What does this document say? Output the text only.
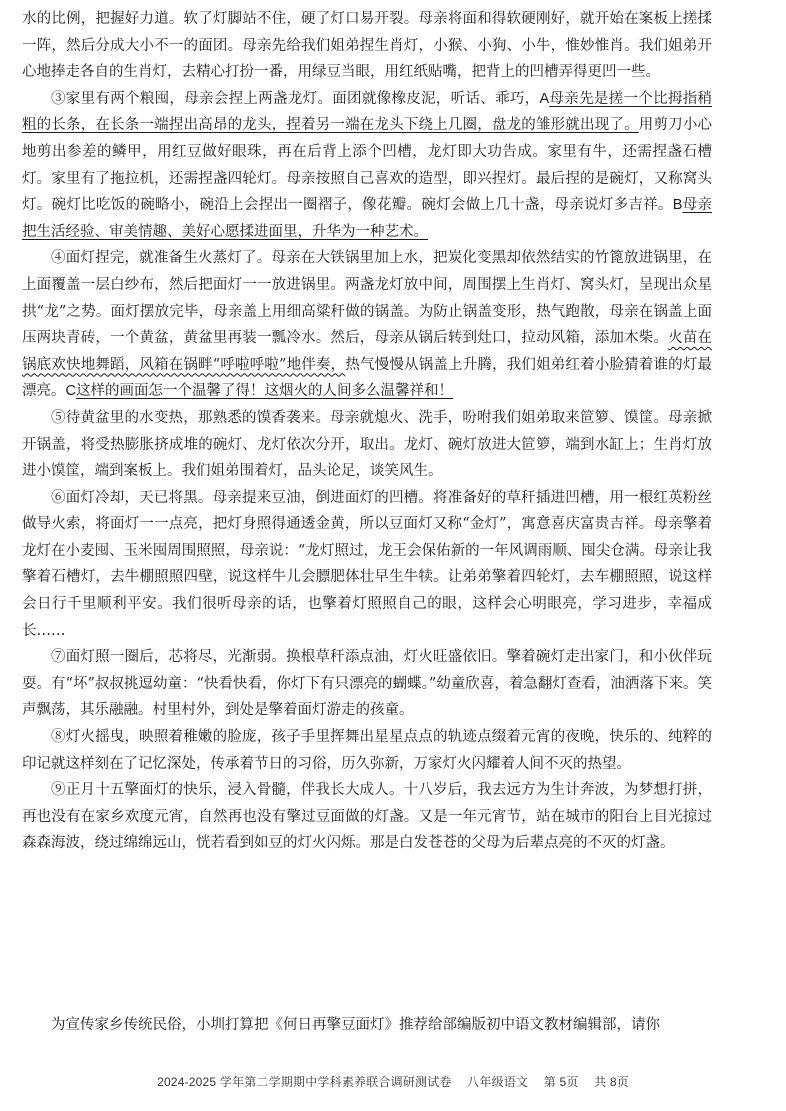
水的比例，把握好力道。软了灯脚站不住，硬了灯口易开裂。母亲将面和得软硬刚好，就开始在案板上搓揉一阵，然后分成大小不一的面团。母亲先给我们姐弟捏生肖灯，小猴、小狗、小牛，惟妙惟肖。我们姐弟开心地捧走各自的生肖灯，去精心打扮一番，用绿豆当眼，用红纸贴嘴，把背上的凹槽弄得更凹一些。

③家里有两个粮囤，母亲会捏上两盏龙灯。面团就像橡皮泥，听话、乖巧，A母亲先是搓一个比拇指稍粗的长条，在长条一端捏出高昂的龙头，捏着另一端在龙头下绕上几圈，盘龙的雏形就出现了。用剪刀小心地剪出参差的鳞甲，用红豆做好眼珠，再在后背上添个凹槽，龙灯即大功告成。家里有牛，还需捏盏石槽灯。家里有了拖拉机，还需捏盏四轮灯。母亲按照自己喜欢的造型，即兴捏灯。最后捏的是碗灯，又称窝头灯。碗灯比吃饭的碗略小，碗沿上会捏出一圈褶子，像花瓣。碗灯会做上几十盏，母亲说灯多吉祥。B母亲把生活经验、审美情趣、美好心愿揉进面里，升华为一种艺术。

④面灯捏完，就准备生火蒸灯了。母亲在大铁锅里加上水，把炭化变黑却依然结实的竹篦放进锅里，在上面覆盖一层白纱布，然后把面灯一一放进锅里。两盏龙灯放中间，周围摆上生肖灯、窝头灯，呈现出众星拱“龙”之势。面灯摆放完毕，母亲盖上用细高粱秆做的锅盖。为防止锅盖变形，热气跑散，母亲在锅盖上面压两块青砖，一个黄盆，黄盆里再装一瓢冷水。然后，母亲从锅后转到灶口，拉动风箱，添加木柴。火苗在锅底欢快地舞蹈，风箱在锅畔“呼啦呼啦”地伴奏，热气慢慢从锅盖上升腾，我们姐弟红着小脸猜着谁的灯最漂亮。C这样的画面怎一个温馨了得！这烟火的人间多么温馨祥和！

⑤待黄盆里的水变热，那熟悉的馍香袭来。母亲就熄火、洗手，吩咐我们姐弟取来笸箩、馍筐。母亲掀开锅盖，将受热膨胀挤成堆的碗灯、龙灯依次分开，取出。龙灯、碗灯放进大笸箩，端到水缸上；生肖灯放进小馍筐，端到案板上。我们姐弟围着灯，品头论足，谈笑风生。

⑥面灯冷却，天已将黑。母亲提来豆油，倒进面灯的凹槽。将准备好的草秆插进凹槽，用一根红英粉丝做导火索，将面灯一一点亮，把灯身照得通透金黄，所以豆面灯又称“金灯”，寓意喜庆富贵吉祥。母亲擎着龙灯在小麦囤、玉米囤周围照照，母亲说：“龙灯照过，龙王会保佑新的一年风调雨顺、囤尖仓满。母亲让我擎着石槽灯，去牛棚照照四壁，说这样牛儿会膘肥体壮早生牛犊。让弟弟擎着四轮灯，去车棚照照，说这样会日行千里顺利平安。我们很听母亲的话，也擎着灯照照自己的眼，这样会心明眼亮，学习进步，幸福成长……

⑦面灯照一圈后，芯将尽，光渐弱。换根草秆添点油，灯火旺盛依旧。擎着碗灯走出家门，和小伙伴玩耍。有“坏”叔叔挑逗幼童：“快看快看，你灯下有只漂亮的蝴蝶。”幼童欣喜，着急翻灯查看，油洒落下来。笑声飘荡，其乐融融。村里村外，到处是擎着面灯游走的孩童。

⑧灯火摇曳，映照着稚嫩的脸庞，孩子手里挥舞出星星点点的轨迹点缀着元宵的夜晚，快乐的、纯粹的印记就这样刻在了记忆深处，传承着节日的习俗，历久弥新，万家灯火闪耀着人间不灭的热望。

⑨正月十五擎面灯的快乐，浸入骨髓，伴我长大成人。十八岁后，我去远方为生计奔波，为梦想打拼，再也没有在家乡欢度元宵，自然再也没有擎过豆面做的灯盏。又是一年元宵节，站在城市的阳台上目光掠过森森海波，绕过绵绵远山，恍若看到如豆的灯火闪烁。那是白发苍苍的父母为后辈点亮的不灭的灯盏。

为宣传家乡传统民俗，小圳打算把《何日再擎豆面灯》推荐给部编版初中语文教材编辑部，请你
2024-2025 学年第二学期期中学科素养联合调研测试卷 八年级语文 第 5页 共 8页
